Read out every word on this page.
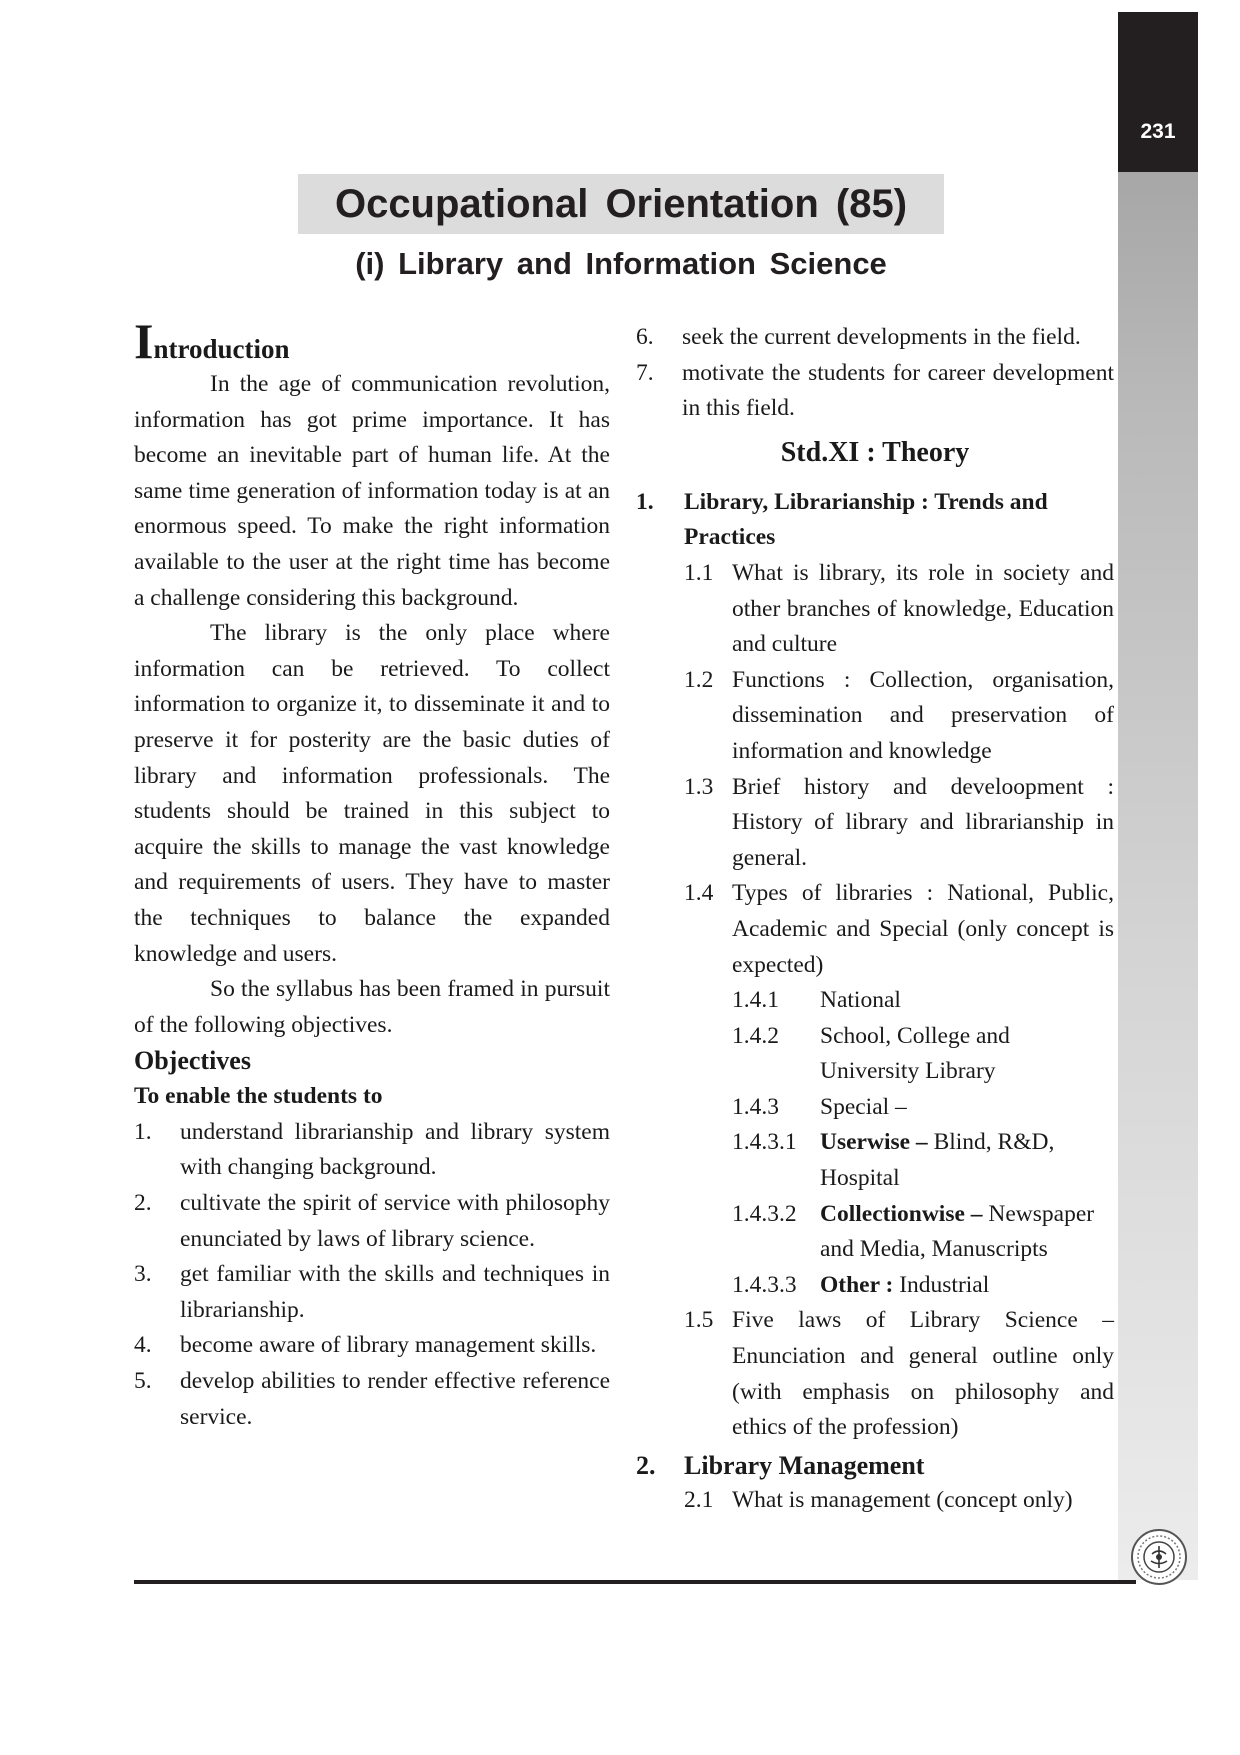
231
Occupational Orientation (85)
(i) Library and Information Science
Introduction

In the age of communication revolution, information has got prime importance. It has become an inevitable part of human life. At the same time generation of information today is at an enormous speed. To make the right information available to the user at the right time has become a challenge considering this background.

The library is the only place where information can be retrieved. To collect information to organize it, to disseminate it and to preserve it for posterity are the basic duties of library and information professionals. The students should be trained in this subject to acquire the skills to manage the vast knowledge and requirements of users. They have to master the techniques to balance the expanded knowledge and users.

So the syllabus has been framed in pursuit of the following objectives.

Objectives
To enable the students to
1.	understand librarianship and library system with changing background.
2.	cultivate the spirit of service with philosophy enunciated by laws of library science.
3.	get familiar with the skills and techniques in librarianship.
4.	become aware of library management skills.
5.	develop abilities to render effective reference service.
6.	seek the current developments in the field.
7.	motivate the students for career development in this field.
Std.XI : Theory
1.	Library, Librarianship : Trends and Practices
1.1 What is library, its role in society and other branches of knowledge, Education and culture
1.2 Functions : Collection, organisation, dissemination and preservation of information and knowledge
1.3 Brief history and develoopment : History of library and librarianship in general.
1.4 Types of libraries : National, Public, Academic and Special (only concept is expected)
1.4.1	National
1.4.2	School, College and University Library
1.4.3	Special –
1.4.3.1 Userwise – Blind, R&D, Hospital
1.4.3.2 Collectionwise – Newspaper and Media, Manuscripts
1.4.3.3 Other : Industrial
1.5 Five laws of Library Science – Enunciation and general outline only (with emphasis on philosophy and ethics of the profession)
2.	Library Management
2.1 What is management (concept only)
